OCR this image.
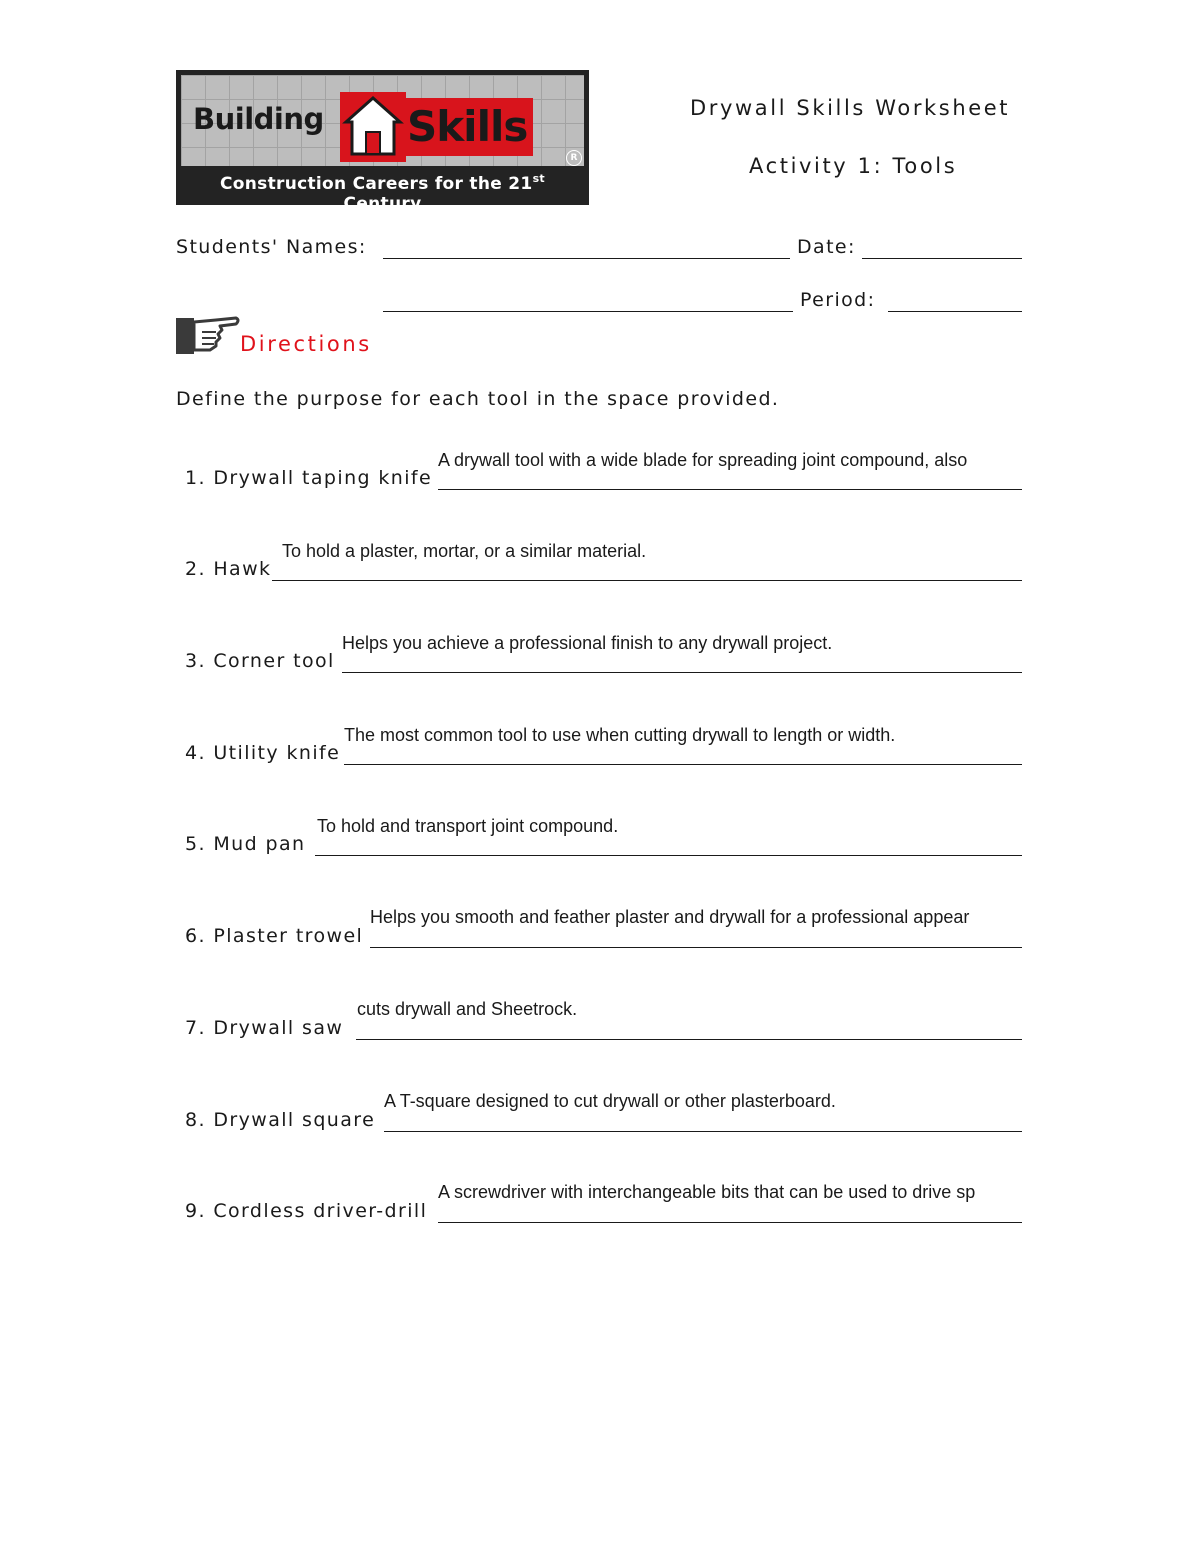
Building Skills
R
Construction Careers for the 21st Century
Drywall Skills Worksheet
Activity 1: Tools
Students' Names:	Date:
Period:
Directions
Define the purpose for each tool in the space provided.
A drywall tool with a wide blade for spreading joint compound, also
1. Drywall taping knife
To hold a plaster, mortar, or a similar material.
2. Hawk
Helps you achieve a professional finish to any drywall project.
3. Corner tool
The most common tool to use when cutting drywall to length or width.
4. Utility knife
To hold and transport joint compound.
5. Mud pan
Helps you smooth and feather plaster and drywall for a professional appear
6. Plaster trowel
cuts drywall and Sheetrock.
7. Drywall saw
A T-square designed to cut drywall or other plasterboard.
8. Drywall square
A screwdriver with interchangeable bits that can be used to drive sp
9. Cordless driver-drill
